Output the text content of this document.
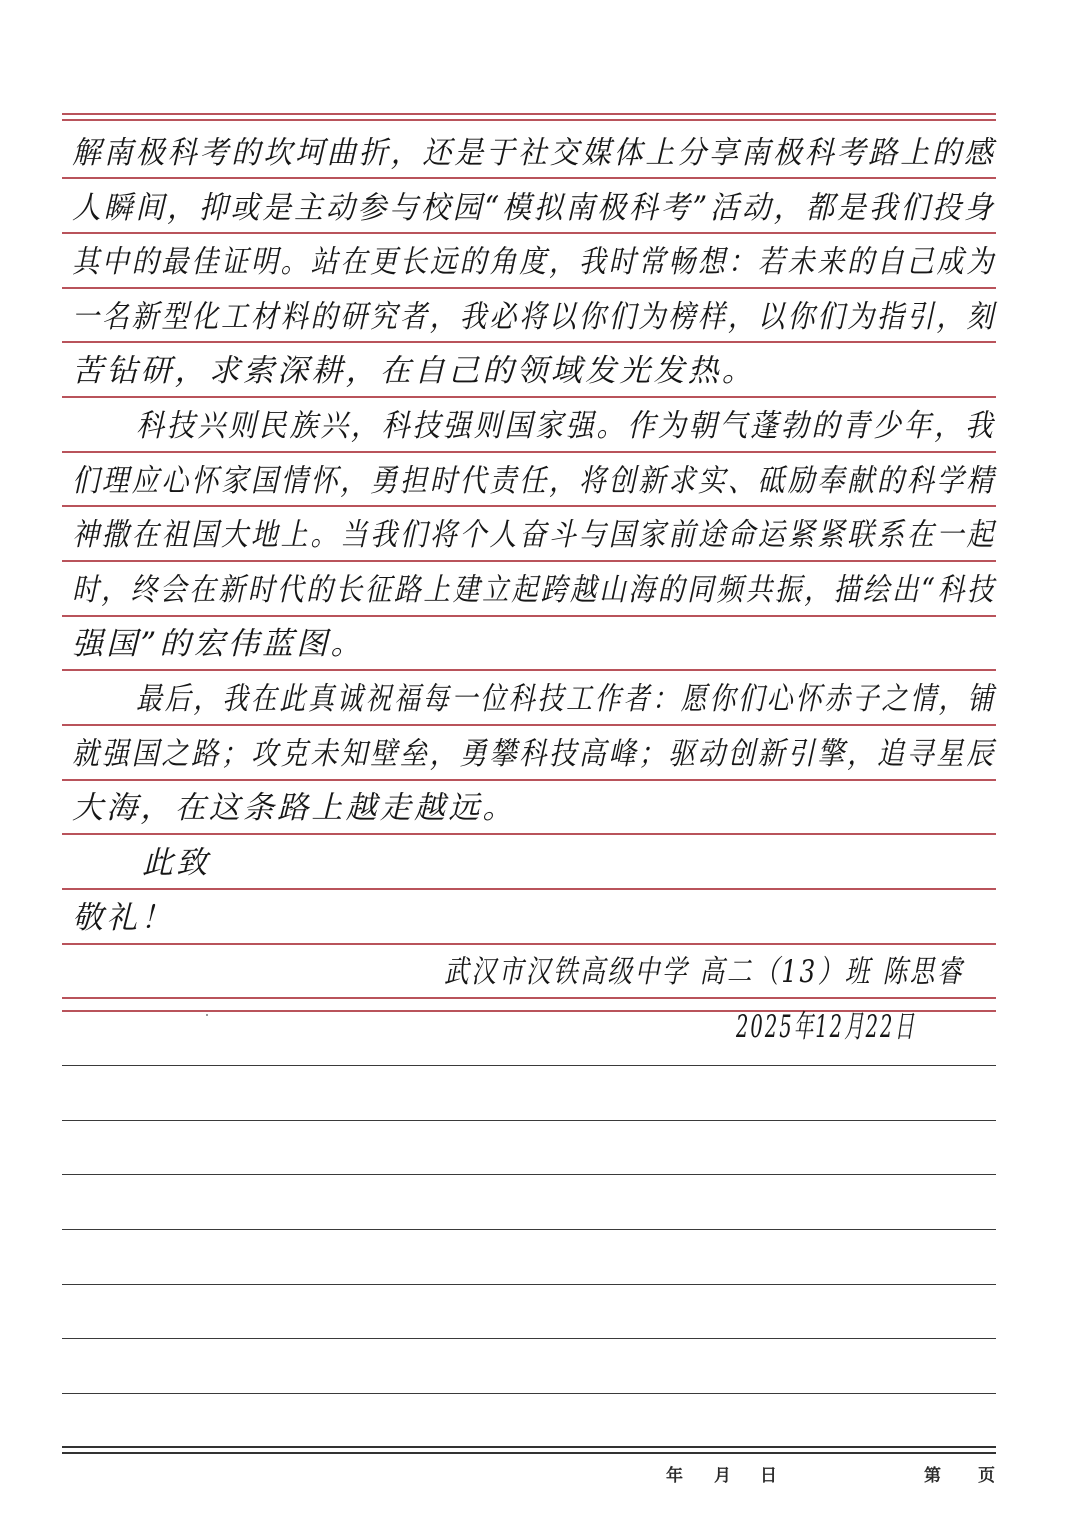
解南极科考的坎坷曲折，还是于社交媒体上分享南极科考路上的感
人瞬间，抑或是主动参与校园“模拟南极科考”活动，都是我们投身
其中的最佳证明。站在更长远的角度，我时常畅想：若未来的自己成为
一名新型化工材料的研究者，我必将以你们为榜样，以你们为指引，刻
苦钻研，求索深耕，在自己的领域发光发热。
科技兴则民族兴，科技强则国家强。作为朝气蓬勃的青少年，我
们理应心怀家国情怀，勇担时代责任，将创新求实、砥励奉献的科学精
神撒在祖国大地上。当我们将个人奋斗与国家前途命运紧紧联系在一起
时，终会在新时代的长征路上建立起跨越山海的同频共振，描绘出“科技
强国”的宏伟蓝图。
最后，我在此真诚祝福每一位科技工作者：愿你们心怀赤子之情，铺
就强国之路；攻克未知壁垒，勇攀科技高峰；驱动创新引擎，追寻星辰
大海，在这条路上越走越远。
此致
敬礼！
武汉市汉铁高级中学 高二（13）班 陈思睿
2025年12月22日
年 月 日	第 页
